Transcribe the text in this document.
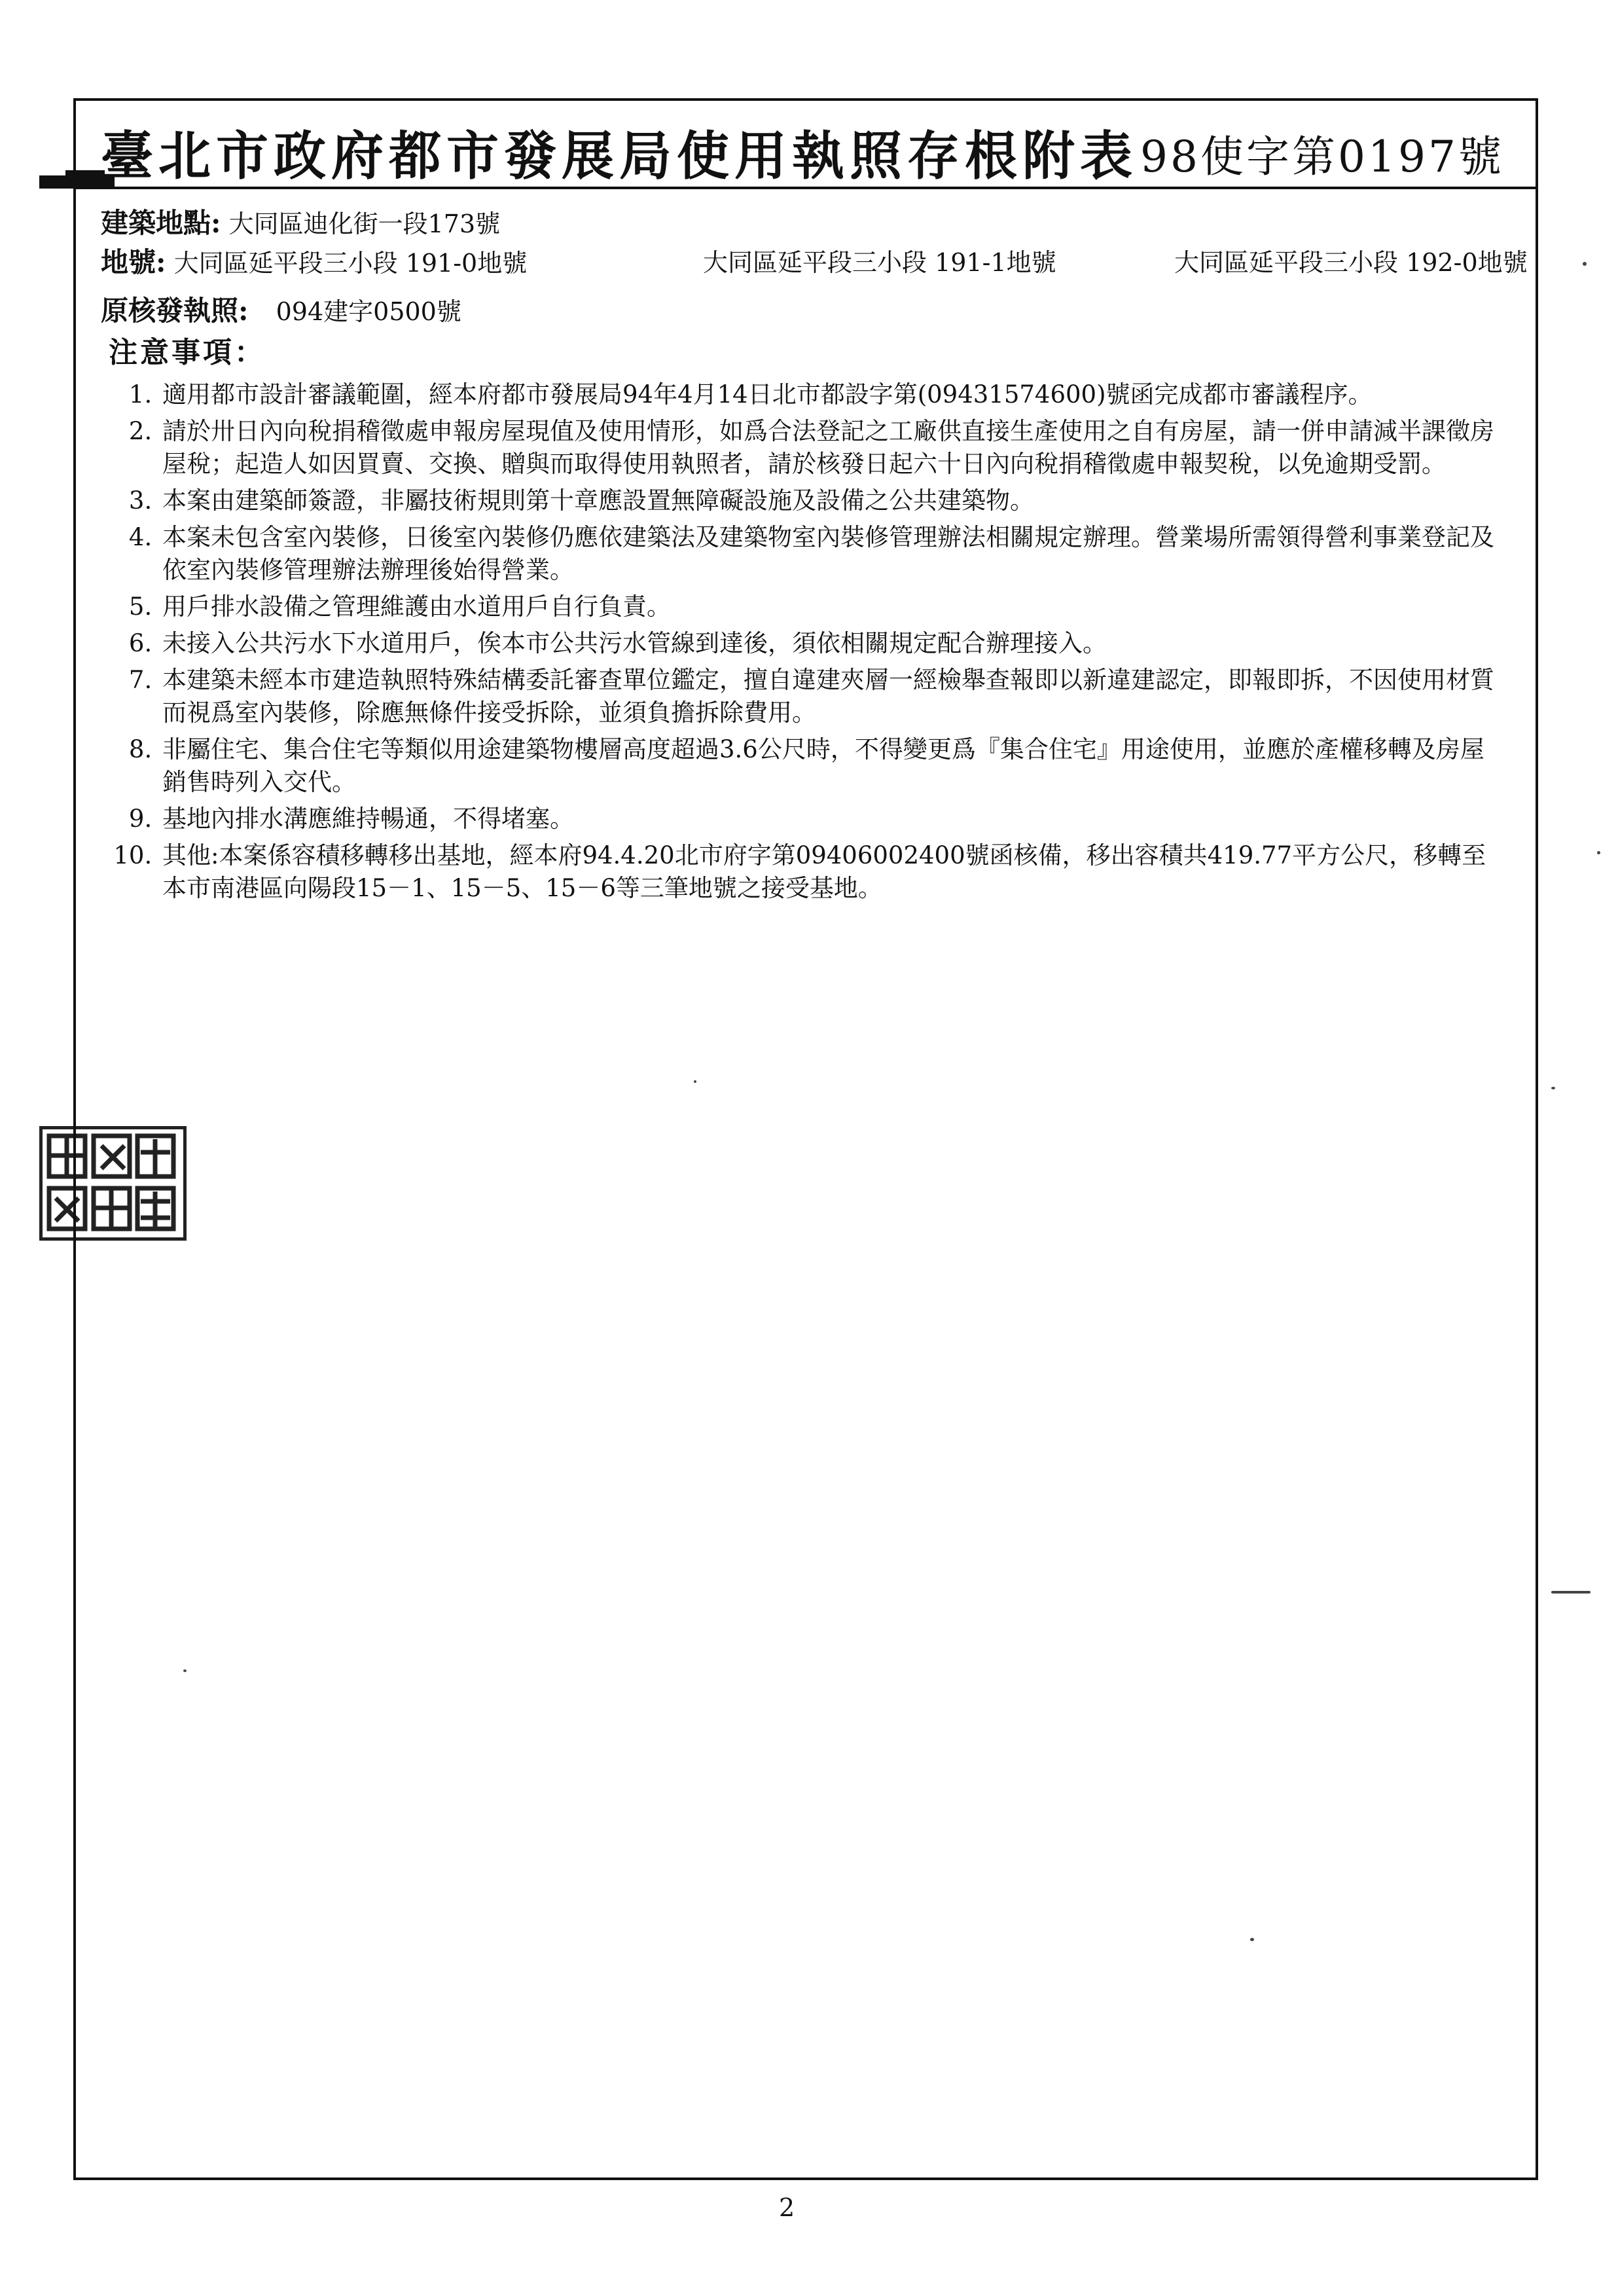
臺北市政府都市發展局使用執照存根附表 98使字第0197號
建築地點: 大同區迪化街一段173號
地號: 大同區延平段三小段 191-0地號	大同區延平段三小段 191-1地號	大同區延平段三小段 192-0地號
原核發執照: 094建字0500號
注意事項：
1. 適用都市設計審議範圍，經本府都市發展局94年4月14日北市都設字第(09431574600)號函完成都市審議程序。
2. 請於卅日內向稅捐稽徵處申報房屋現值及使用情形，如爲合法登記之工廠供直接生產使用之自有房屋，請一併申請減半課徵房屋稅；起造人如因買賣、交換、贈與而取得使用執照者，請於核發日起六十日內向稅捐稽徵處申報契稅，以免逾期受罰。
3. 本案由建築師簽證，非屬技術規則第十章應設置無障礙設施及設備之公共建築物。
4. 本案未包含室內裝修，日後室內裝修仍應依建築法及建築物室內裝修管理辦法相關規定辦理。營業場所需領得營利事業登記及依室內裝修管理辦法辦理後始得營業。
5. 用戶排水設備之管理維護由水道用戶自行負責。
6. 未接入公共污水下水道用戶，俟本市公共污水管線到達後，須依相關規定配合辦理接入。
7. 本建築未經本市建造執照特殊結構委託審查單位鑑定，擅自違建夾層一經檢舉查報即以新違建認定，即報即拆，不因使用材質而視爲室內裝修，除應無條件接受拆除，並須負擔拆除費用。
8. 非屬住宅、集合住宅等類似用途建築物樓層高度超過3.6公尺時，不得變更爲『集合住宅』用途使用，並應於產權移轉及房屋銷售時列入交代。
9. 基地內排水溝應維持暢通，不得堵塞。
10. 其他:本案係容積移轉移出基地，經本府94.4.20北市府字第09406002400號函核備，移出容積共419.77平方公尺，移轉至本市南港區向陽段15－1、15－5、15－6等三筆地號之接受基地。
2
